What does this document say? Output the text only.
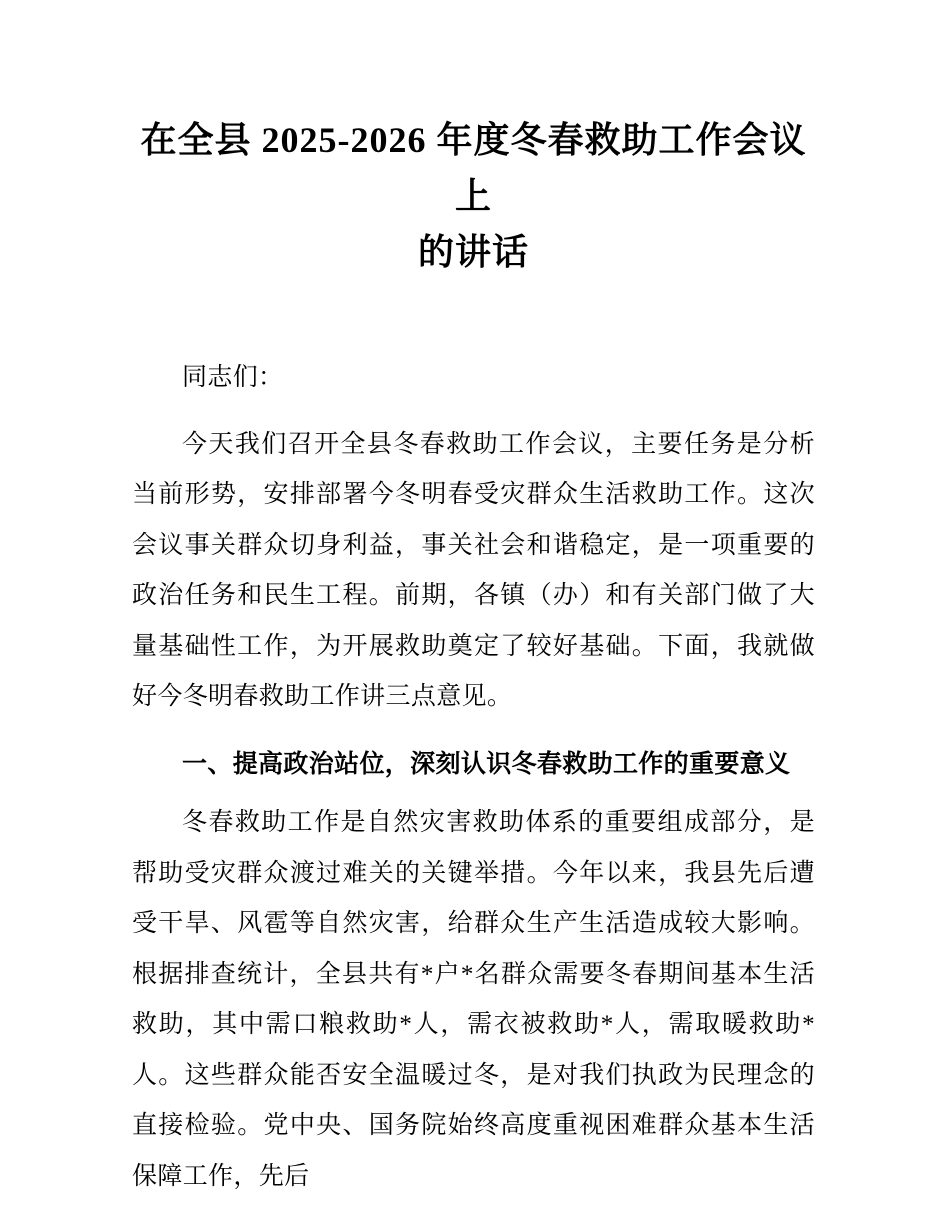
在全县 2025-2026 年度冬春救助工作会议上
的讲话

同志们：

今天我们召开全县冬春救助工作会议，主要任务是分析当前形势，安排部署今冬明春受灾群众生活救助工作。这次会议事关群众切身利益，事关社会和谐稳定，是一项重要的政治任务和民生工程。前期，各镇（办）和有关部门做了大量基础性工作，为开展救助奠定了较好基础。下面，我就做好今冬明春救助工作讲三点意见。

一、提高政治站位，深刻认识冬春救助工作的重要意义

冬春救助工作是自然灾害救助体系的重要组成部分，是帮助受灾群众渡过难关的关键举措。今年以来，我县先后遭受干旱、风雹等自然灾害，给群众生产生活造成较大影响。根据排查统计，全县共有*户*名群众需要冬春期间基本生活救助，其中需口粮救助*人，需衣被救助*人，需取暖救助*人。这些群众能否安全温暖过冬，是对我们执政为民理念的直接检验。党中央、国务院始终高度重视困难群众基本生活保障工作，先后
